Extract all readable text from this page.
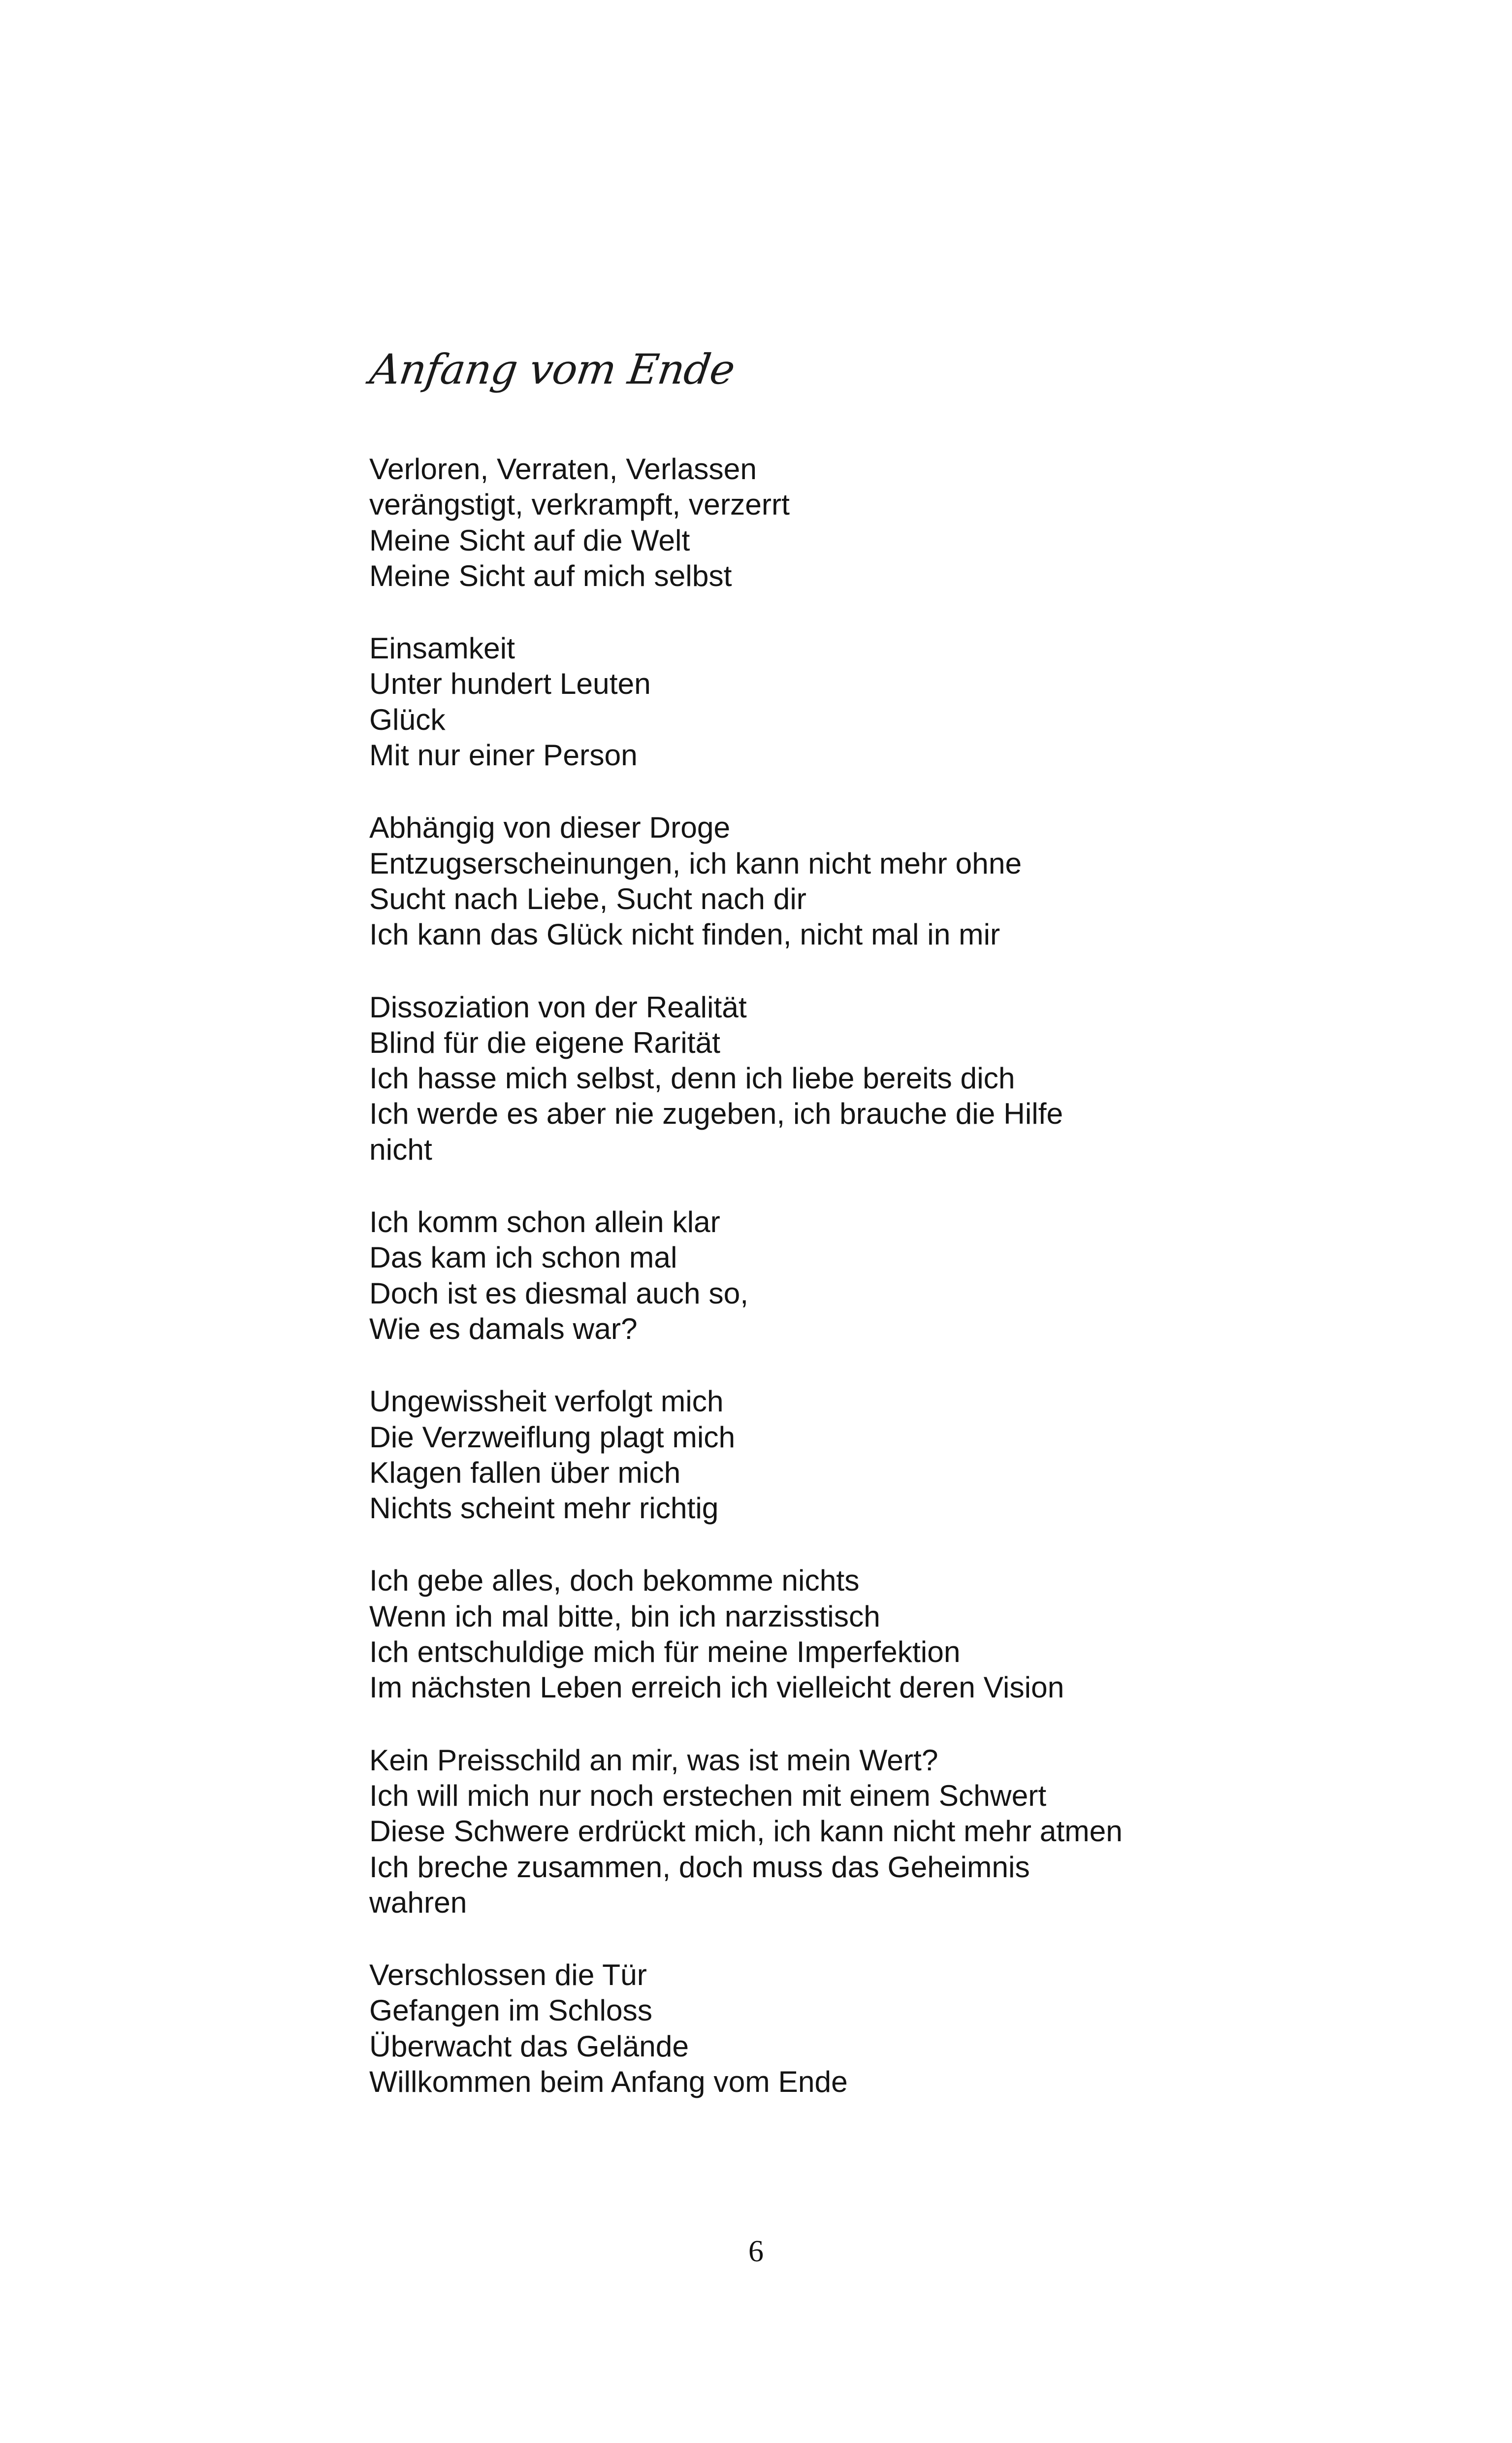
Anfang vom Ende
Verloren, Verraten, Verlassen
verängstigt, verkrampft, verzerrt
Meine Sicht auf die Welt
Meine Sicht auf mich selbst
Einsamkeit
Unter hundert Leuten
Glück
Mit nur einer Person
Abhängig von dieser Droge
Entzugserscheinungen, ich kann nicht mehr ohne
Sucht nach Liebe, Sucht nach dir
Ich kann das Glück nicht finden, nicht mal in mir
Dissoziation von der Realität
Blind für die eigene Rarität
Ich hasse mich selbst, denn ich liebe bereits dich
Ich werde es aber nie zugeben, ich brauche die Hilfe
nicht
Ich komm schon allein klar
Das kam ich schon mal
Doch ist es diesmal auch so,
Wie es damals war?
Ungewissheit verfolgt mich
Die Verzweiflung plagt mich
Klagen fallen über mich
Nichts scheint mehr richtig
Ich gebe alles, doch bekomme nichts
Wenn ich mal bitte, bin ich narzisstisch
Ich entschuldige mich für meine Imperfektion
Im nächsten Leben erreich ich vielleicht deren Vision
Kein Preisschild an mir, was ist mein Wert?
Ich will mich nur noch erstechen mit einem Schwert
Diese Schwere erdrückt mich, ich kann nicht mehr atmen
Ich breche zusammen, doch muss das Geheimnis
wahren
Verschlossen die Tür
Gefangen im Schloss
Überwacht das Gelände
Willkommen beim Anfang vom Ende
6
